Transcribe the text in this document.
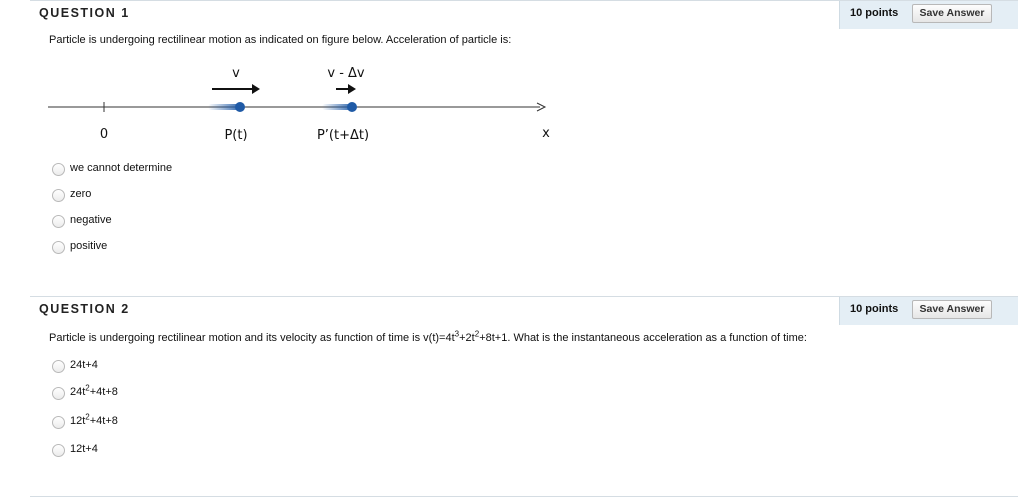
QUESTION 1	10 points	Save Answer
Particle is undergoing rectilinear motion as indicated on figure below. Acceleration of particle is:
v	v - Δv
0	P(t)	P’(t+Δt)	x
we cannot determine
zero
negative
positive
QUESTION 2	10 points	Save Answer
Particle is undergoing rectilinear motion and its velocity as function of time is $v(t)=4t^3+2t^2+8t+1$. What is the instantaneous acceleration as a function of time:
24t+4
$24t^2+4t+8$
$12t^2+4t+8$
12t+4
